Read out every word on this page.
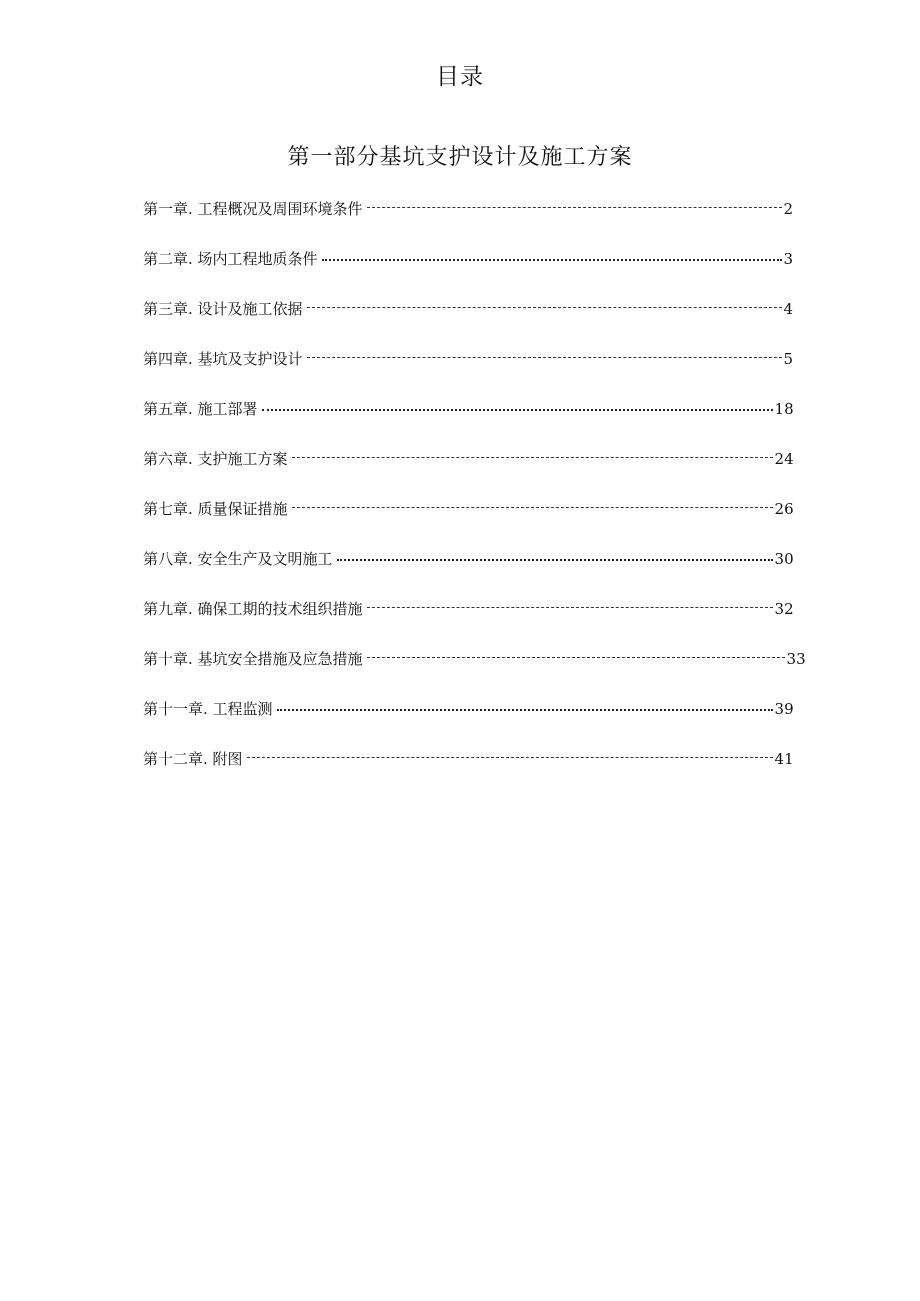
目录
第一部分基坑支护设计及施工方案
第一章. 工程概况及周围环境条件	2
第二章. 场内工程地质条件	3
第三章. 设计及施工依据	4
第四章. 基坑及支护设计	5
第五章. 施工部署	18
第六章. 支护施工方案	24
第七章. 质量保证措施	26
第八章. 安全生产及文明施工	30
第九章. 确保工期的技术组织措施	32
第十章. 基坑安全措施及应急措施	33
第十一章. 工程监测	39
第十二章. 附图	41
